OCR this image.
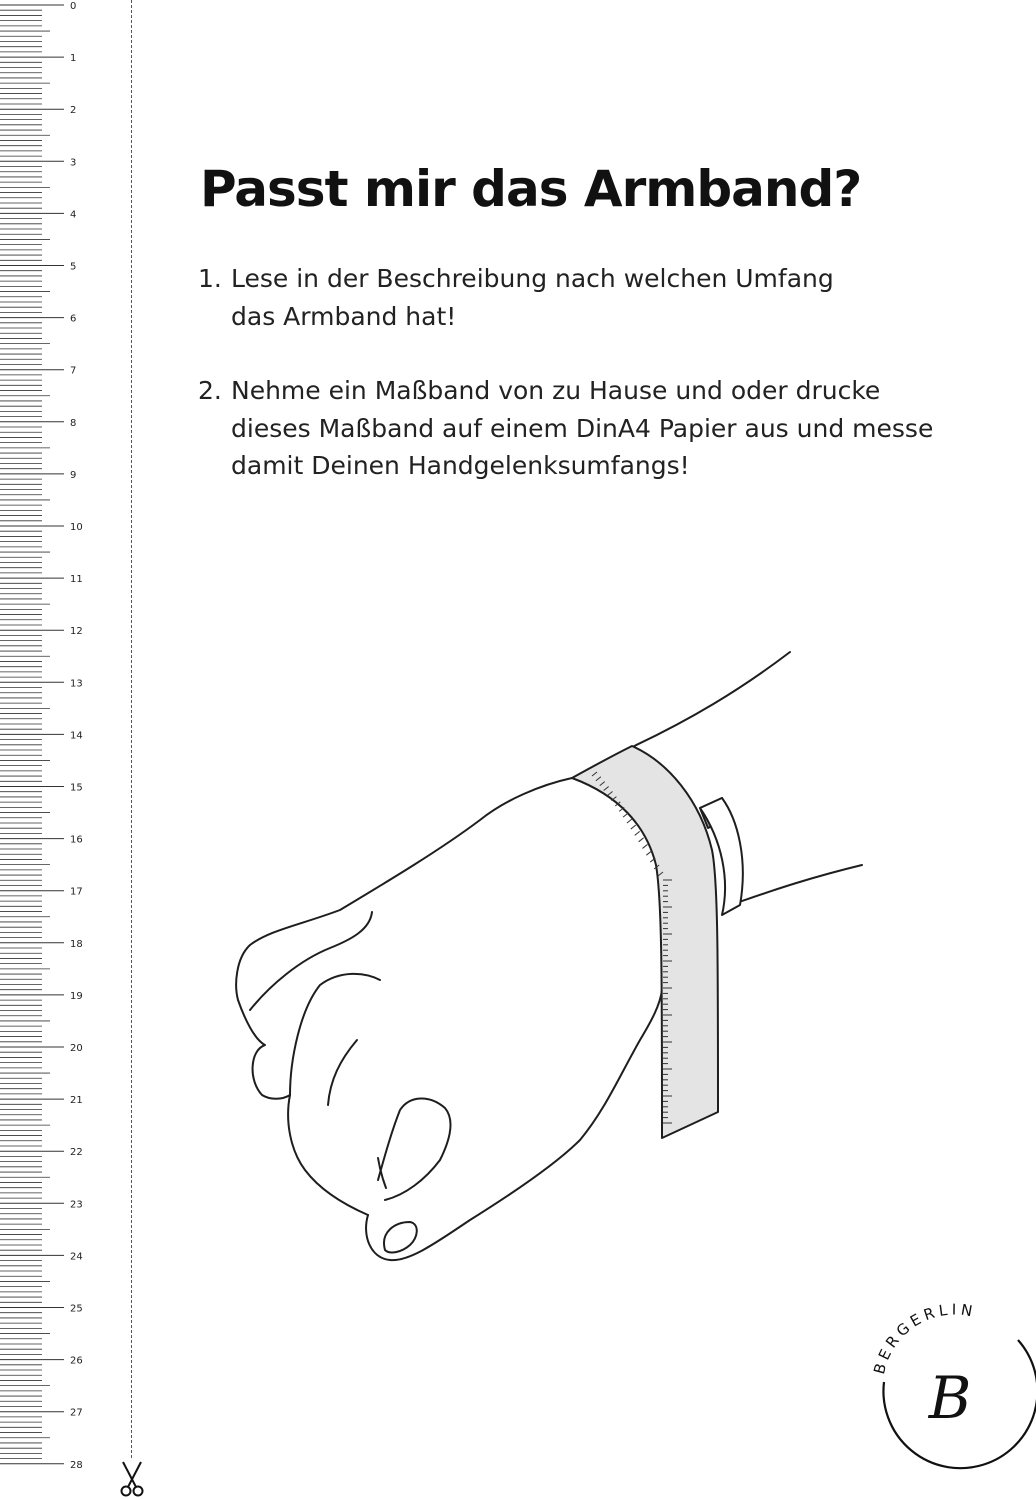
0
1
2
3
4
5
6
7
8
9
10
11
12
13
14
15
16
17
18
19
20
21
22
23
24
25
26
27
28
Passt mir das Armband?
1. Lese in der Beschreibung nach welchen Umfang
das Armband hat!
2. Nehme ein Maßband von zu Hause und oder drucke
dieses Maßband auf einem DinA4 Papier aus und messe
damit Deinen Handgelenksumfangs!
BERGERLIN
B
